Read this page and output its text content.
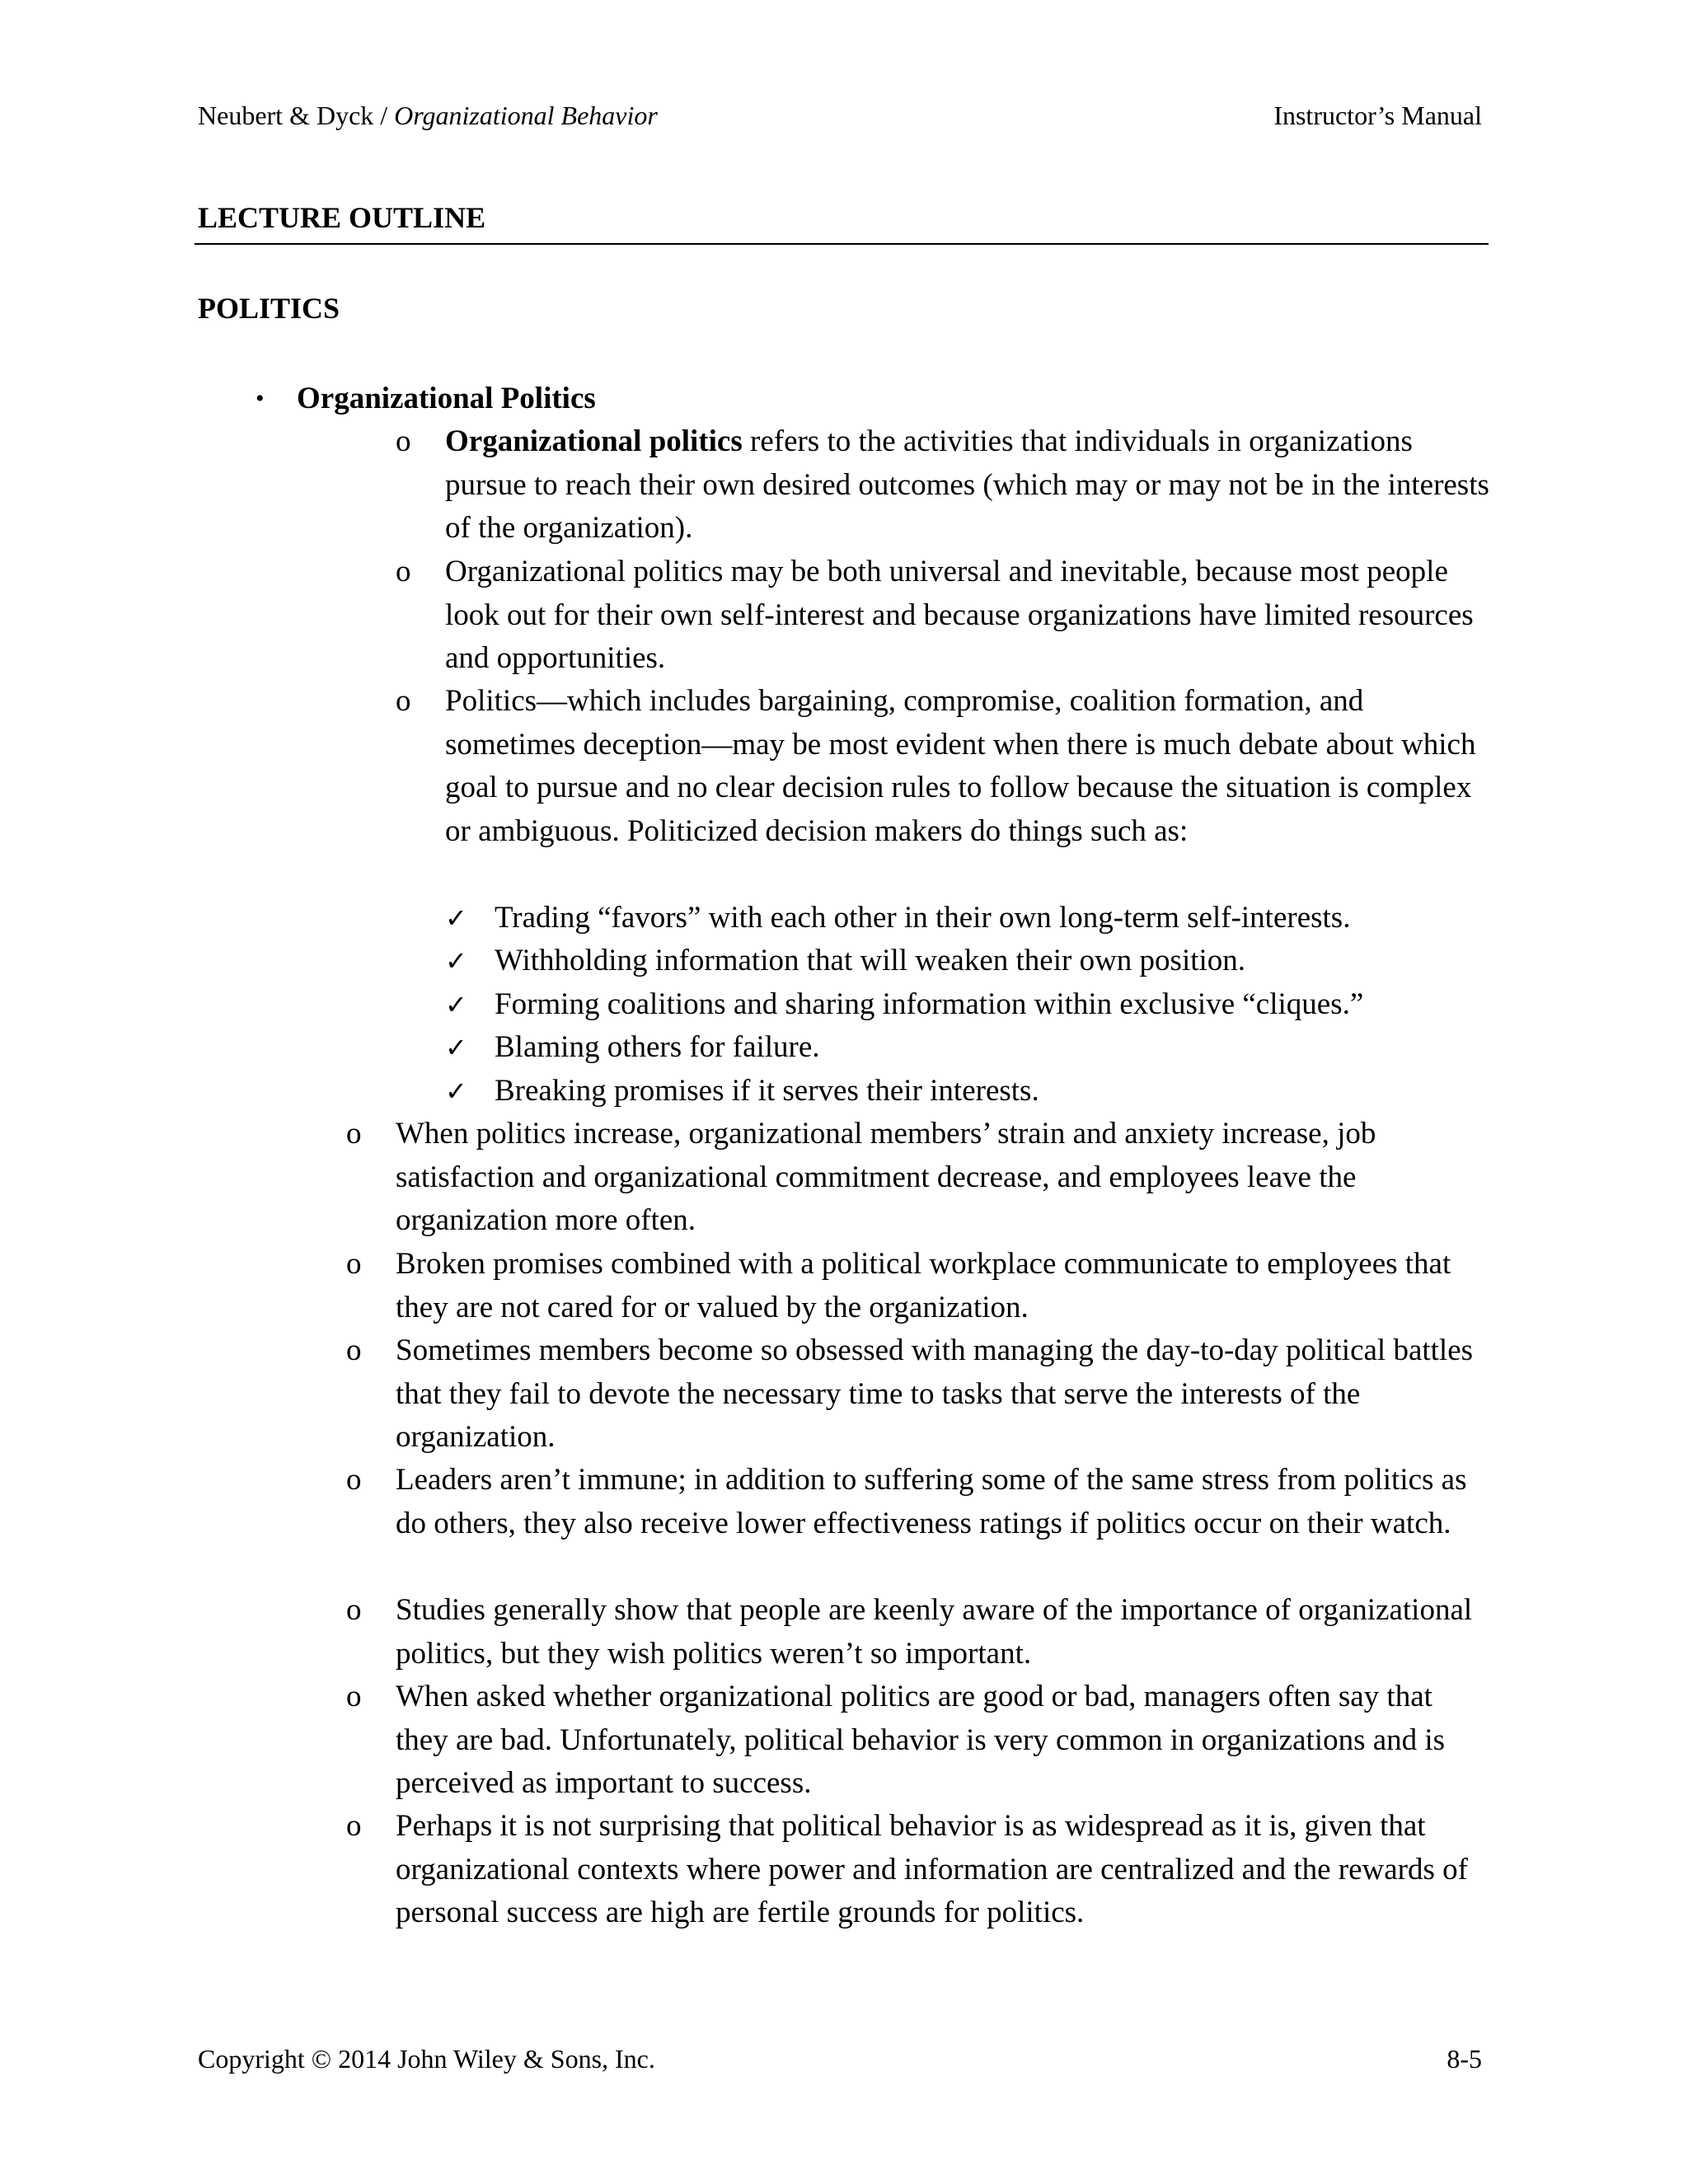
Neubert & Dyck / Organizational Behavior	Instructor’s Manual
LECTURE OUTLINE
POLITICS
• Organizational Politics
o Organizational politics refers to the activities that individuals in organizations pursue to reach their own desired outcomes (which may or may not be in the interests of the organization).
o Organizational politics may be both universal and inevitable, because most people look out for their own self-interest and because organizations have limited resources and opportunities.
o Politics—which includes bargaining, compromise, coalition formation, and sometimes deception—may be most evident when there is much debate about which goal to pursue and no clear decision rules to follow because the situation is complex or ambiguous. Politicized decision makers do things such as:
✓ Trading “favors” with each other in their own long-term self-interests.
✓ Withholding information that will weaken their own position.
✓ Forming coalitions and sharing information within exclusive “cliques.”
✓ Blaming others for failure.
✓ Breaking promises if it serves their interests.
o When politics increase, organizational members’ strain and anxiety increase, job satisfaction and organizational commitment decrease, and employees leave the organization more often.
o Broken promises combined with a political workplace communicate to employees that they are not cared for or valued by the organization.
o Sometimes members become so obsessed with managing the day-to-day political battles that they fail to devote the necessary time to tasks that serve the interests of the organization.
o Leaders aren’t immune; in addition to suffering some of the same stress from politics as do others, they also receive lower effectiveness ratings if politics occur on their watch.
o Studies generally show that people are keenly aware of the importance of organizational politics, but they wish politics weren’t so important.
o When asked whether organizational politics are good or bad, managers often say that they are bad. Unfortunately, political behavior is very common in organizations and is perceived as important to success.
o Perhaps it is not surprising that political behavior is as widespread as it is, given that organizational contexts where power and information are centralized and the rewards of personal success are high are fertile grounds for politics.
Copyright © 2014 John Wiley & Sons, Inc.	8-5
